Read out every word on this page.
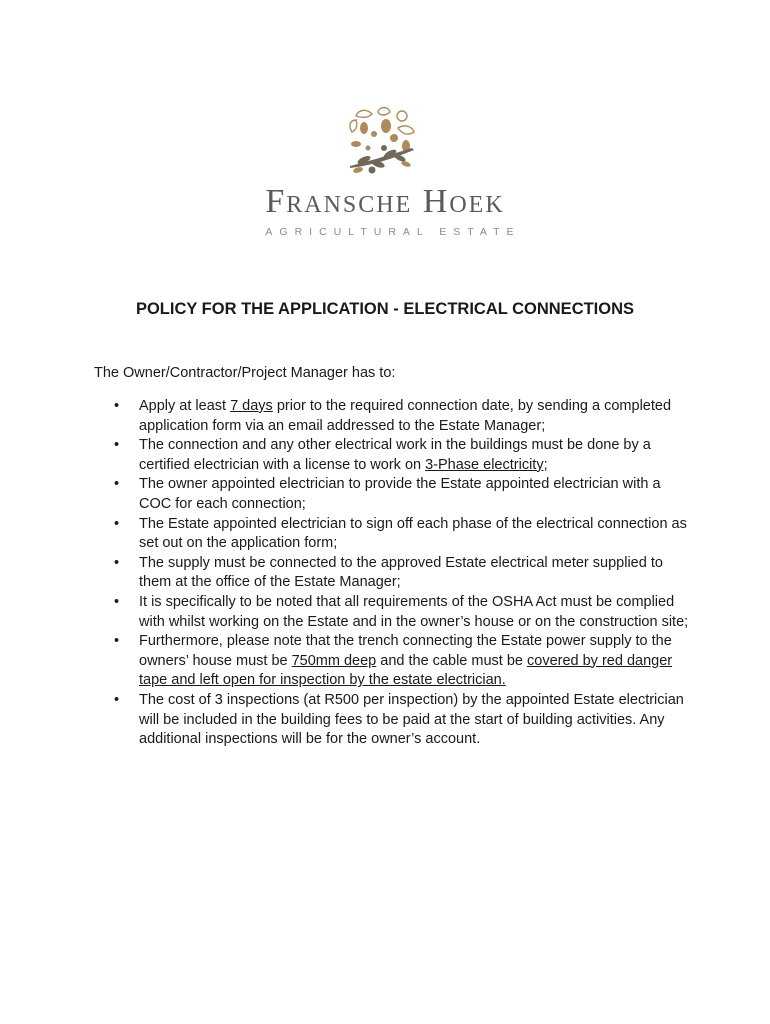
Fransche Hoek
AGRICULTURAL ESTATE
POLICY FOR THE APPLICATION - ELECTRICAL CONNECTIONS
The Owner/Contractor/Project Manager has to:
• Apply at least 7 days prior to the required connection date, by sending a completed application form via an email addressed to the Estate Manager;
• The connection and any other electrical work in the buildings must be done by a certified electrician with a license to work on 3-Phase electricity;
• The owner appointed electrician to provide the Estate appointed electrician with a COC for each connection;
• The Estate appointed electrician to sign off each phase of the electrical connection as set out on the application form;
• The supply must be connected to the approved Estate electrical meter supplied to them at the office of the Estate Manager;
• It is specifically to be noted that all requirements of the OSHA Act must be complied with whilst working on the Estate and in the owner’s house or on the construction site;
• Furthermore, please note that the trench connecting the Estate power supply to the owners’ house must be 750mm deep and the cable must be covered by red danger tape and left open for inspection by the estate electrician.
• The cost of 3 inspections (at R500 per inspection) by the appointed Estate electrician will be included in the building fees to be paid at the start of building activities. Any additional inspections will be for the owner’s account.
